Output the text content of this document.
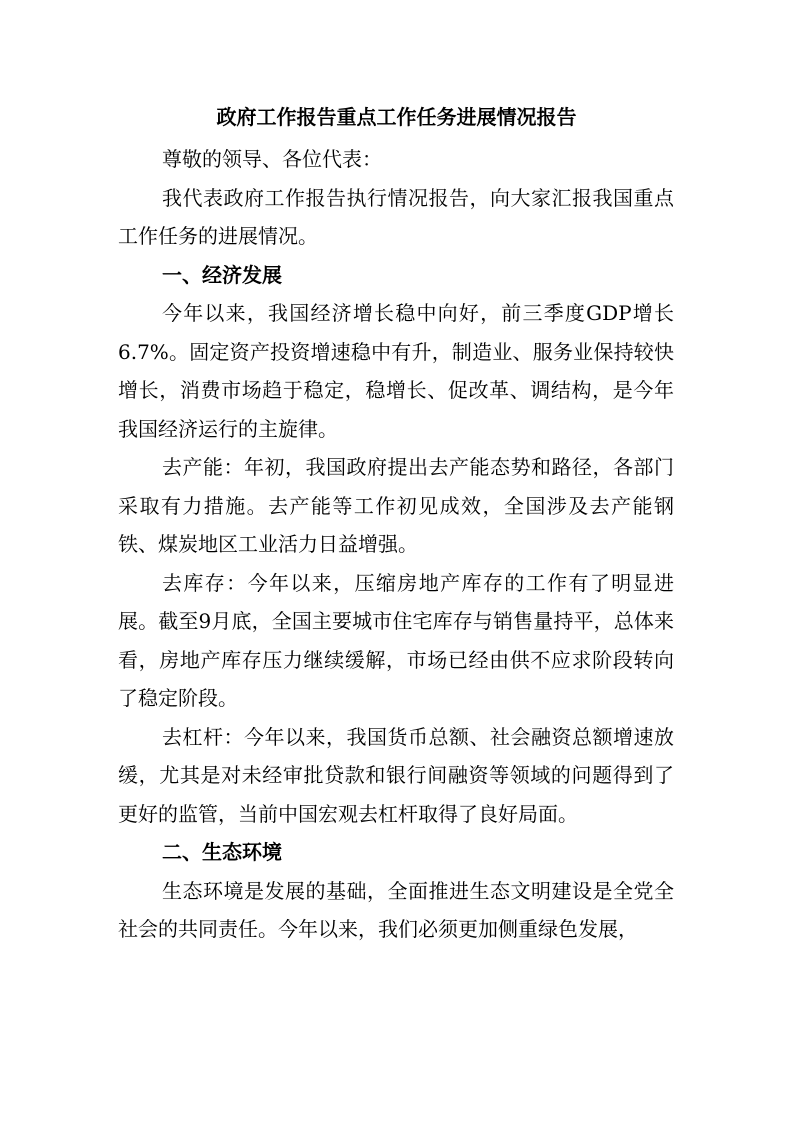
政府工作报告重点工作任务进展情况报告

尊敬的领导、各位代表：

我代表政府工作报告执行情况报告，向大家汇报我国重点工作任务的进展情况。

一、经济发展

今年以来，我国经济增长稳中向好，前三季度GDP增长6.7%。固定资产投资增速稳中有升，制造业、服务业保持较快增长，消费市场趋于稳定，稳增长、促改革、调结构，是今年我国经济运行的主旋律。

去产能：年初，我国政府提出去产能态势和路径，各部门采取有力措施。去产能等工作初见成效，全国涉及去产能钢铁、煤炭地区工业活力日益增强。

去库存：今年以来，压缩房地产库存的工作有了明显进展。截至9月底，全国主要城市住宅库存与销售量持平，总体来看，房地产库存压力继续缓解，市场已经由供不应求阶段转向了稳定阶段。

去杠杆：今年以来，我国货币总额、社会融资总额增速放缓，尤其是对未经审批贷款和银行间融资等领域的问题得到了更好的监管，当前中国宏观去杠杆取得了良好局面。

二、生态环境

生态环境是发展的基础，全面推进生态文明建设是全党全社会的共同责任。今年以来，我们必须更加侧重绿色发展，
